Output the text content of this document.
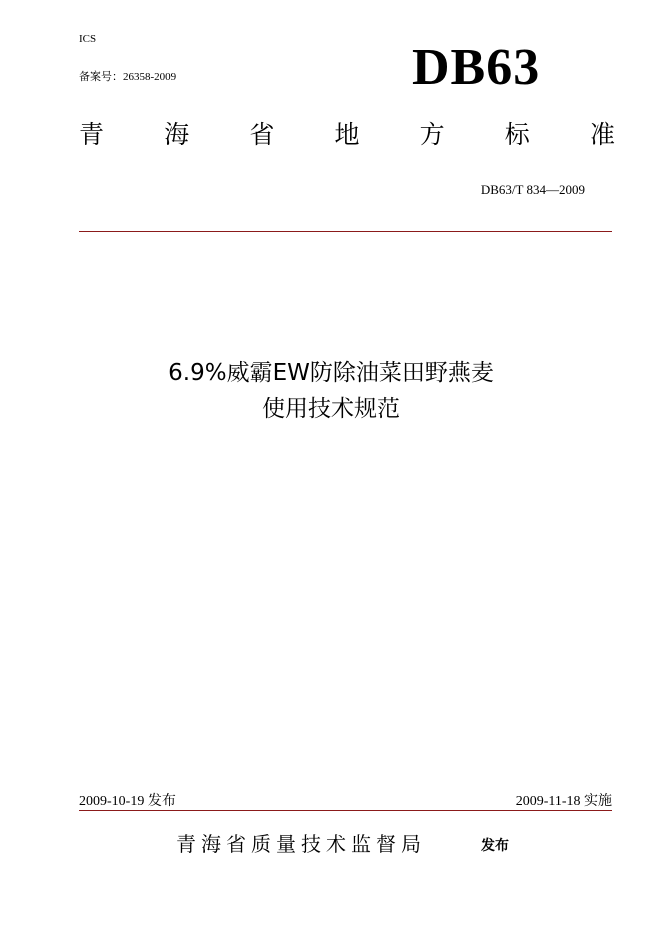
ICS
备案号：26358-2009	DB63
青 海 省 地 方 标 准
DB63/T 834—2009
6.9%威霸EW防除油菜田野燕麦
使用技术规范
2009-10-19 发布	2009-11-18 实施
青海省质量技术监督局	发布
